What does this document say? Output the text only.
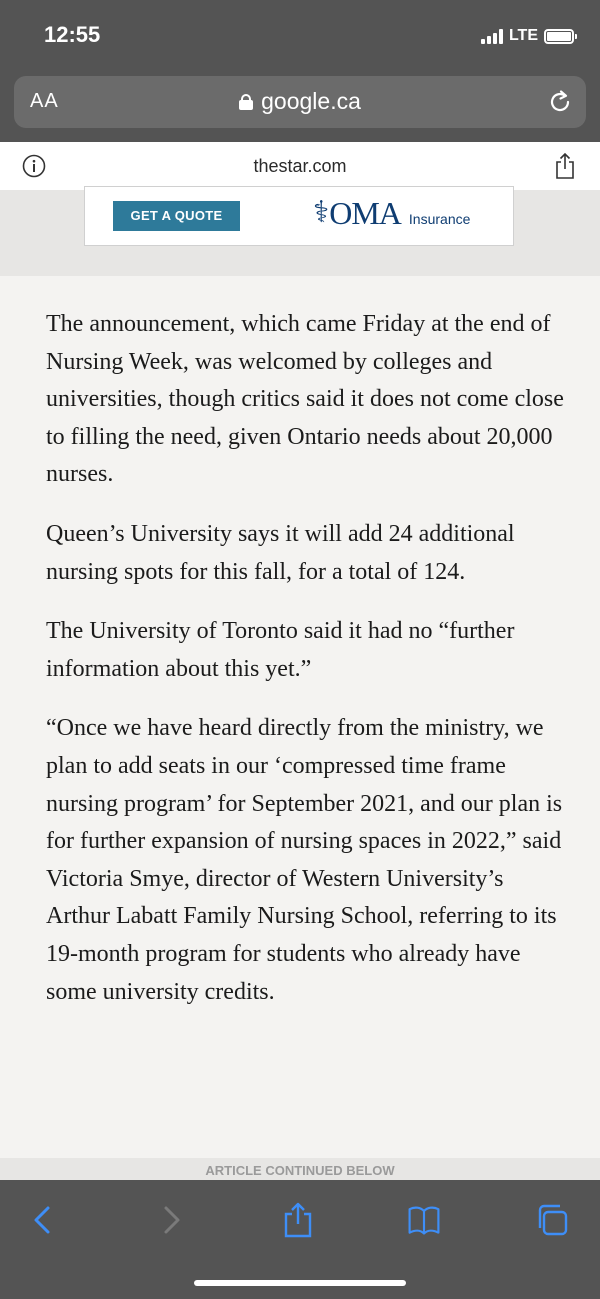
12:55	LTE
AA	google.ca
thestar.com
GET A QUOTE	⚕OMA Insurance

The announcement, which came Friday at the end of Nursing Week, was welcomed by colleges and universities, though critics said it does not come close to filling the need, given Ontario needs about 20,000 nurses.

Queen’s University says it will add 24 additional nursing spots for this fall, for a total of 124.

The University of Toronto said it had no “further information about this yet.”

“Once we have heard directly from the ministry, we plan to add seats in our ‘compressed time frame nursing program’ for September 2021, and our plan is for further expansion of nursing spaces in 2022,” said Victoria Smye, director of Western University’s Arthur Labatt Family Nursing School, referring to its 19-month program for students who already have some university credits.

ARTICLE CONTINUED BELOW
